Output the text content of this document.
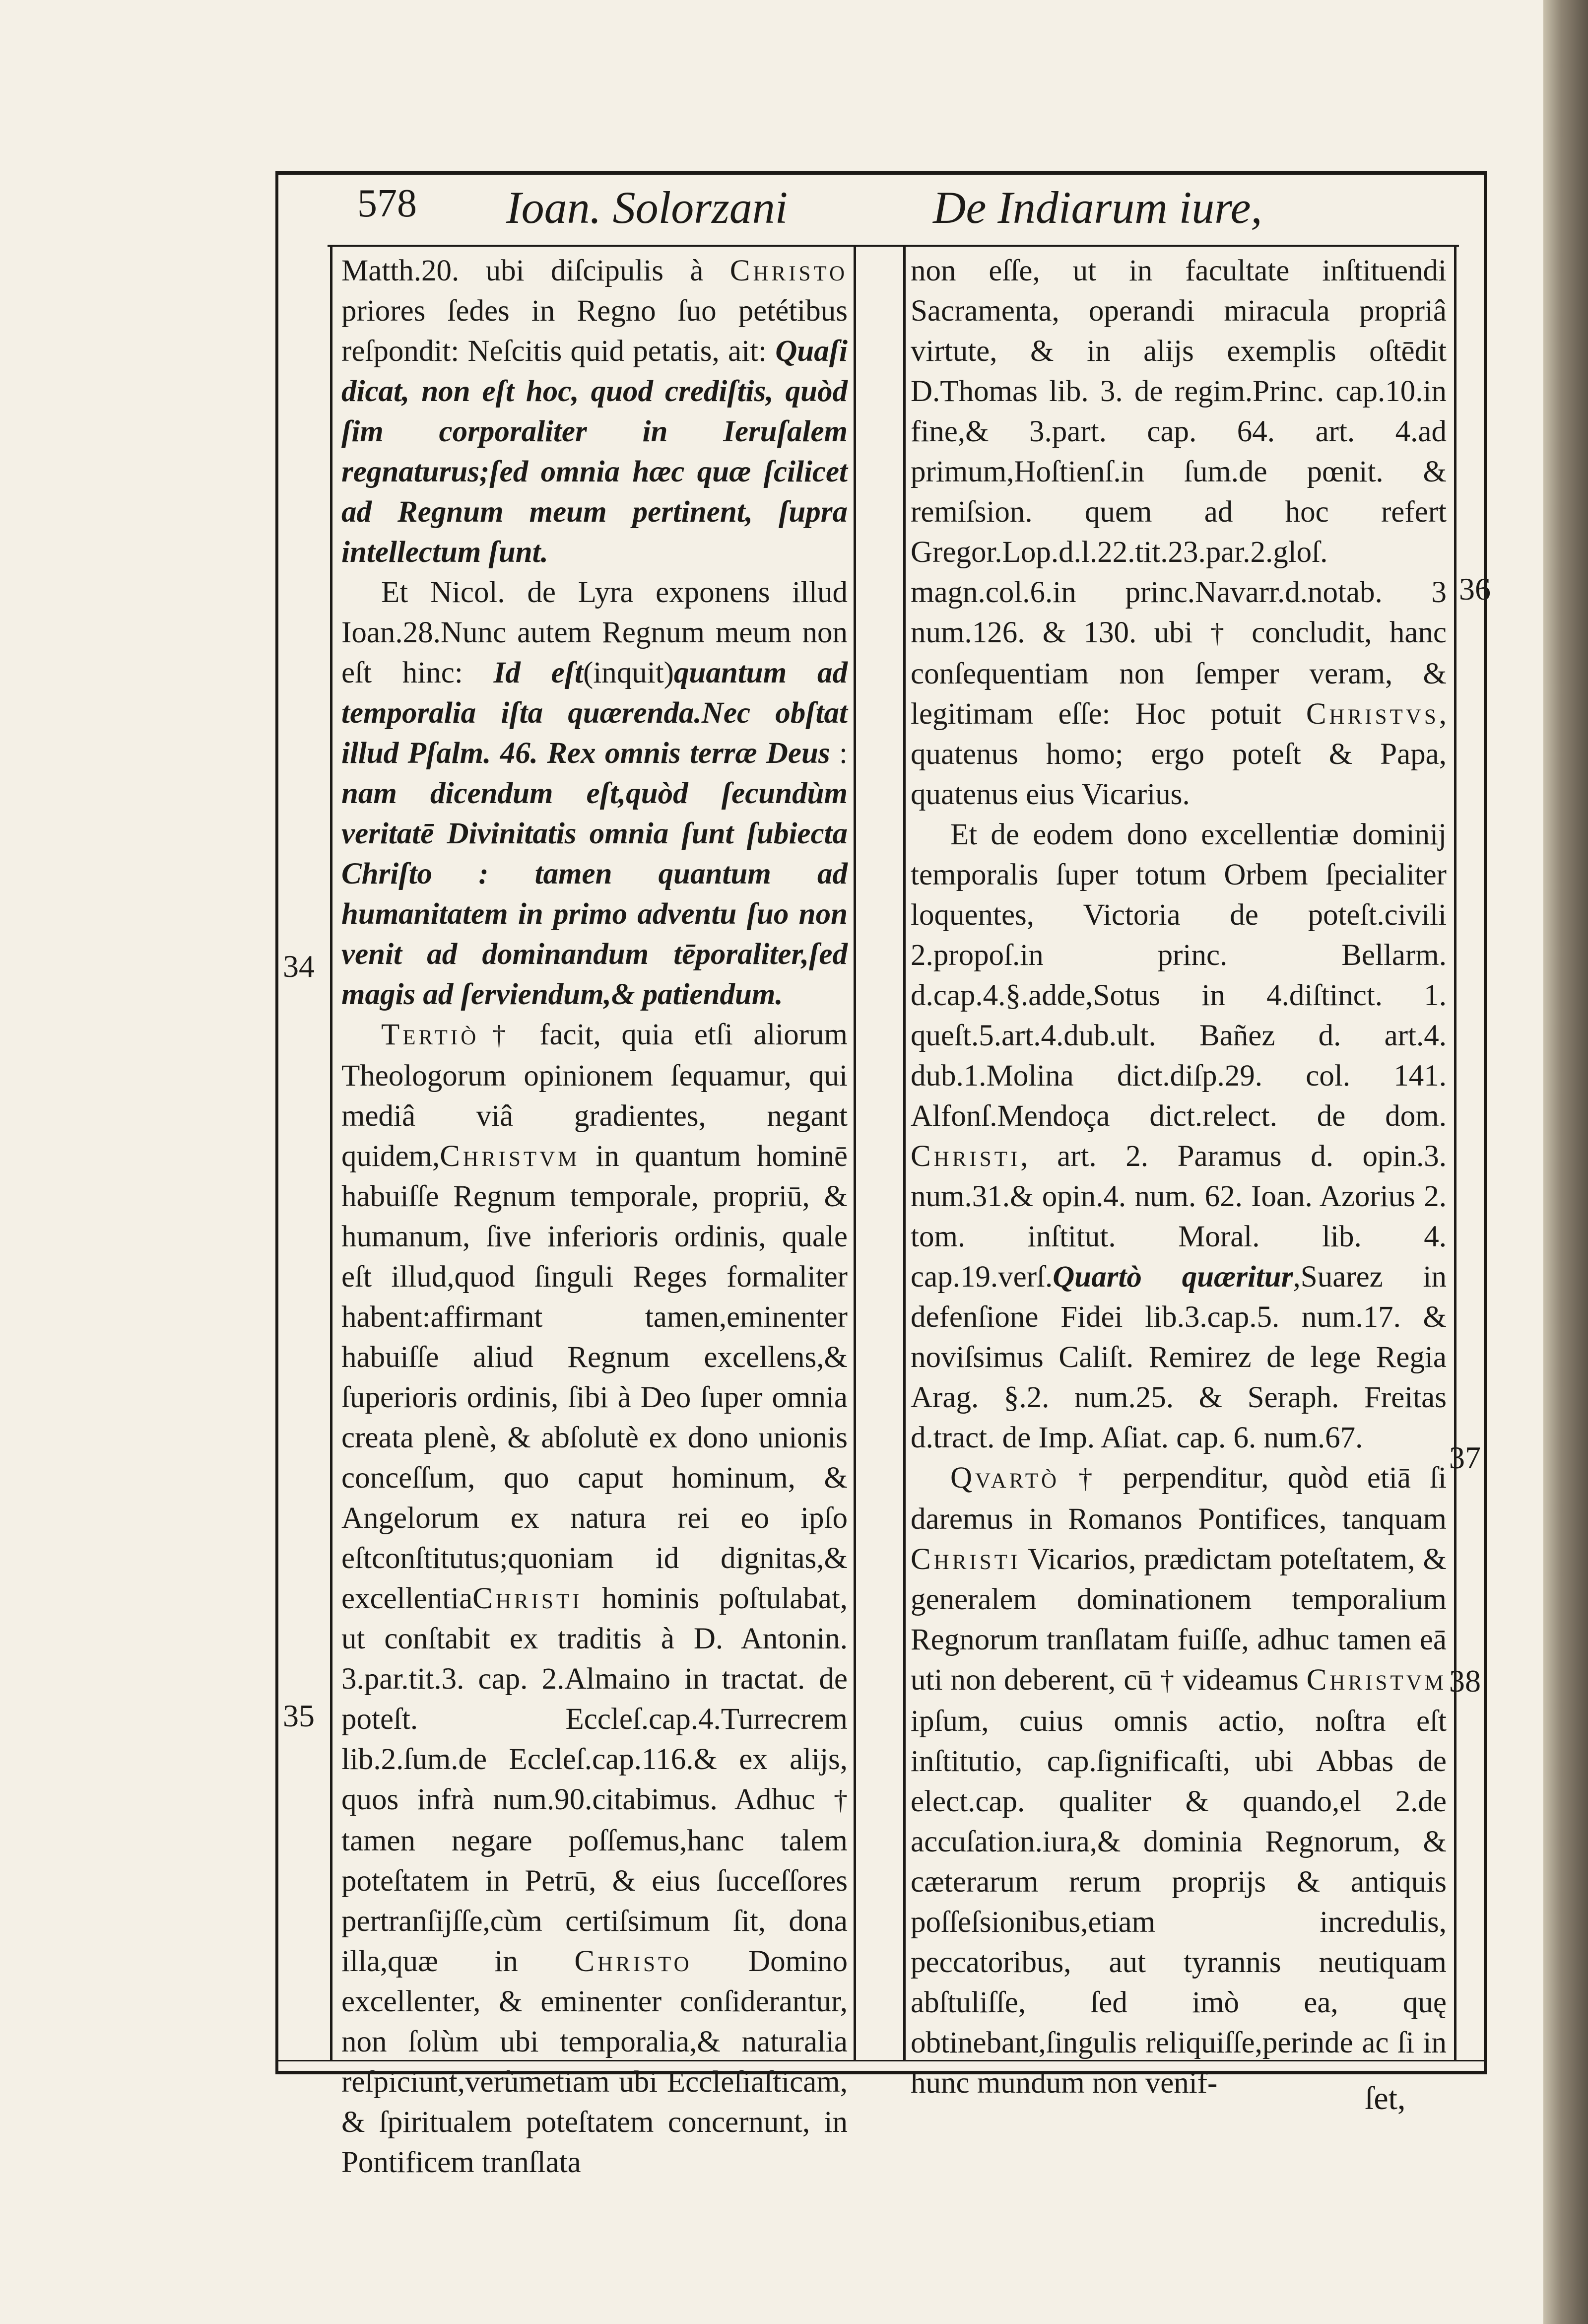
578 Ioan. Solorzani	De Indiarum iure,

Matth.20. ubi diſcipulis à Christo priores ſedes in Regno ſuo petétibus reſpondit: Neſcitis quid petatis, ait: Quaſi dicat, non eſt hoc, quod crediſtis, quòd ſim corporaliter in Ieruſalem regnaturus;ſed omnia hæc quæ ſcilicet ad Regnum meum pertinent, ſupra intellectum ſunt.

Et Nicol. de Lyra exponens illud Ioan.28.Nunc autem Regnum meum non eſt hinc: Id eſt(inquit)quantum ad temporalia iſta quærenda.Nec obſtat illud Pſalm. 46. Rex omnis terræ Deus : nam dicendum eſt,quòd ſecundùm veritatē Divinitatis omnia ſunt ſubiecta Chriſto : tamen quantum ad humanitatem in primo adventu ſuo non venit ad dominandum tēporaliter,ſed magis ad ſerviendum,& patiendum.

Tertiò† facit, quia etſi aliorum Theologorum opinionem ſequamur, qui mediâ viâ gradientes, negant quidem,Christvm in quantum hominē habuiſſe Regnum temporale, propriū, & humanum, ſive inferioris ordinis, quale eſt illud,quod ſinguli Reges formaliter habent:affirmant tamen,eminenter habuiſſe aliud Regnum excellens,& ſuperioris ordinis, ſibi à Deo ſuper omnia creata plenè, & abſolutè ex dono unionis conceſſum, quo caput hominum, & Angelorum ex natura rei eo ipſo eſtconſtitutus;quoniam id dignitas,& excellentiaChristi hominis poſtulabat, ut conſtabit ex traditis à D. Antonin. 3.par.tit.3. cap. 2.Almaino in tractat. de poteſt. Eccleſ.cap.4.Turrecrem lib.2.ſum.de Eccleſ.cap.116.& ex alijs, quos infrà num.90.citabimus. Adhuc † tamen negare poſſemus,hanc talem poteſtatem in Petrū, & eius ſucceſſores pertranſijſſe,cùm certiſsimum ſit, dona illa,quæ in Christo Domino excellenter, & eminenter conſiderantur, non ſolùm ubi temporalia,& naturalia reſpiciunt,verùmetiam ubi Eccleſiaſticam, & ſpiritualem poteſtatem concernunt, in Pontificem tranſlata

non eſſe, ut in facultate inſtituendi Sacramenta, operandi miracula propriâ virtute, & in alijs exemplis oſtēdit D.Thomas lib. 3. de regim.Princ. cap.10.in fine,& 3.part. cap. 64. art. 4.ad primum,Hoſtienſ.in ſum.de pœnit. & remiſsion. quem ad hoc refert Gregor.Lop.d.l.22.tit.23.par.2.gloſ. magn.col.6.in princ.Navarr.d.notab. 3 num.126. & 130. ubi † concludit, hanc conſequentiam non ſemper veram, & legitimam eſſe: Hoc potuit Christvs, quatenus homo; ergo poteſt & Papa, quatenus eius Vicarius.

Et de eodem dono excellentiæ dominij temporalis ſuper totum Orbem ſpecialiter loquentes, Victoria de poteſt.civili 2.propoſ.in princ. Bellarm. d.cap.4.§.adde,Sotus in 4.diſtinct. 1. queſt.5.art.4.dub.ult. Bañez d. art.4. dub.1.Molina dict.diſp.29. col. 141. Alfonſ.Mendoça dict.relect. de dom. Christi, art. 2. Paramus d. opin.3. num.31.& opin.4. num. 62. Ioan. Azorius 2. tom. inſtitut. Moral. lib. 4. cap.19.verſ.Quartò quæritur,Suarez in defenſione Fidei lib.3.cap.5. num.17. & noviſsimus Caliſt. Remirez de lege Regia Arag. §.2. num.25. & Seraph. Freitas d.tract. de Imp. Aſiat. cap. 6. num.67.

Qvartò † perpenditur, quòd etiā ſi daremus in Romanos Pontifices, tanquam Christi Vicarios, prædictam poteſtatem, & generalem dominationem temporalium Regnorum tranſlatam fuiſſe, adhuc tamen eā uti non deberent, cū † videamus Christvm ipſum, cuius omnis actio, noſtra eſt inſtitutio, cap.ſignificaſti, ubi Abbas de elect.cap. qualiter & quando,el 2.de accuſation.iura,& dominia Regnorum, & cæterarum rerum proprijs & antiquis poſſeſsionibus,etiam incredulis, peccatoribus, aut tyrannis neutiquam abſtuliſſe, ſed imò ea, quę obtinebant,ſingulis reliquiſſe,perinde ac ſi in hunc mundum non venif-

34
35
36
37
38
ſet,
